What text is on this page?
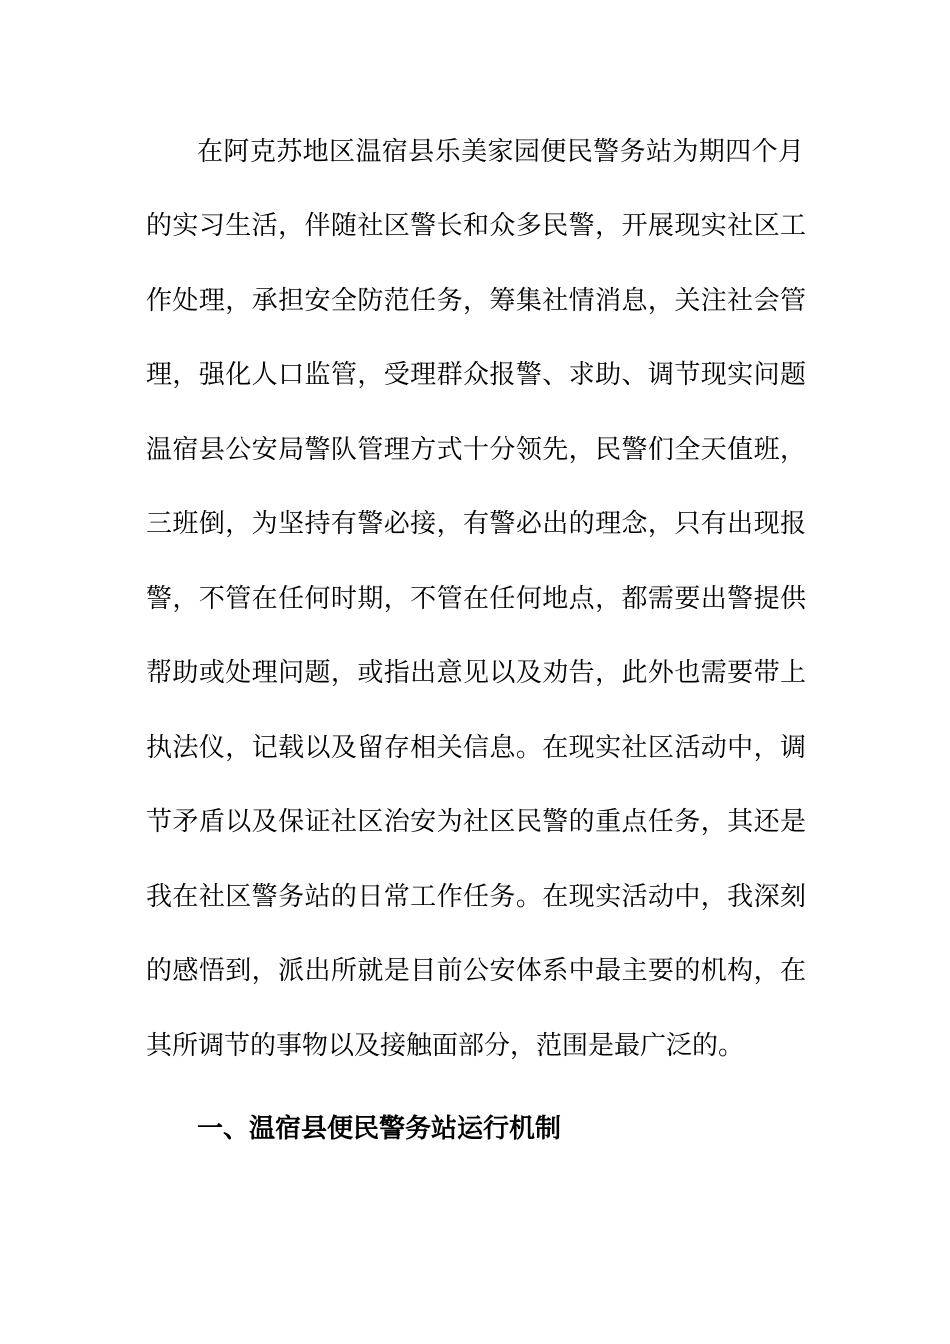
在阿克苏地区温宿县乐美家园便民警务站为期四个月
的实习生活，伴随社区警长和众多民警，开展现实社区工
作处理，承担安全防范任务，筹集社情消息，关注社会管
理，强化人口监管，受理群众报警、求助、调节现实问题
温宿县公安局警队管理方式十分领先，民警们全天值班，
三班倒，为坚持有警必接，有警必出的理念，只有出现报
警，不管在任何时期，不管在任何地点，都需要出警提供
帮助或处理问题，或指出意见以及劝告，此外也需要带上
执法仪，记载以及留存相关信息。在现实社区活动中，调
节矛盾以及保证社区治安为社区民警的重点任务，其还是
我在社区警务站的日常工作任务。在现实活动中，我深刻
的感悟到，派出所就是目前公安体系中最主要的机构，在
其所调节的事物以及接触面部分，范围是最广泛的。
一、温宿县便民警务站运行机制
